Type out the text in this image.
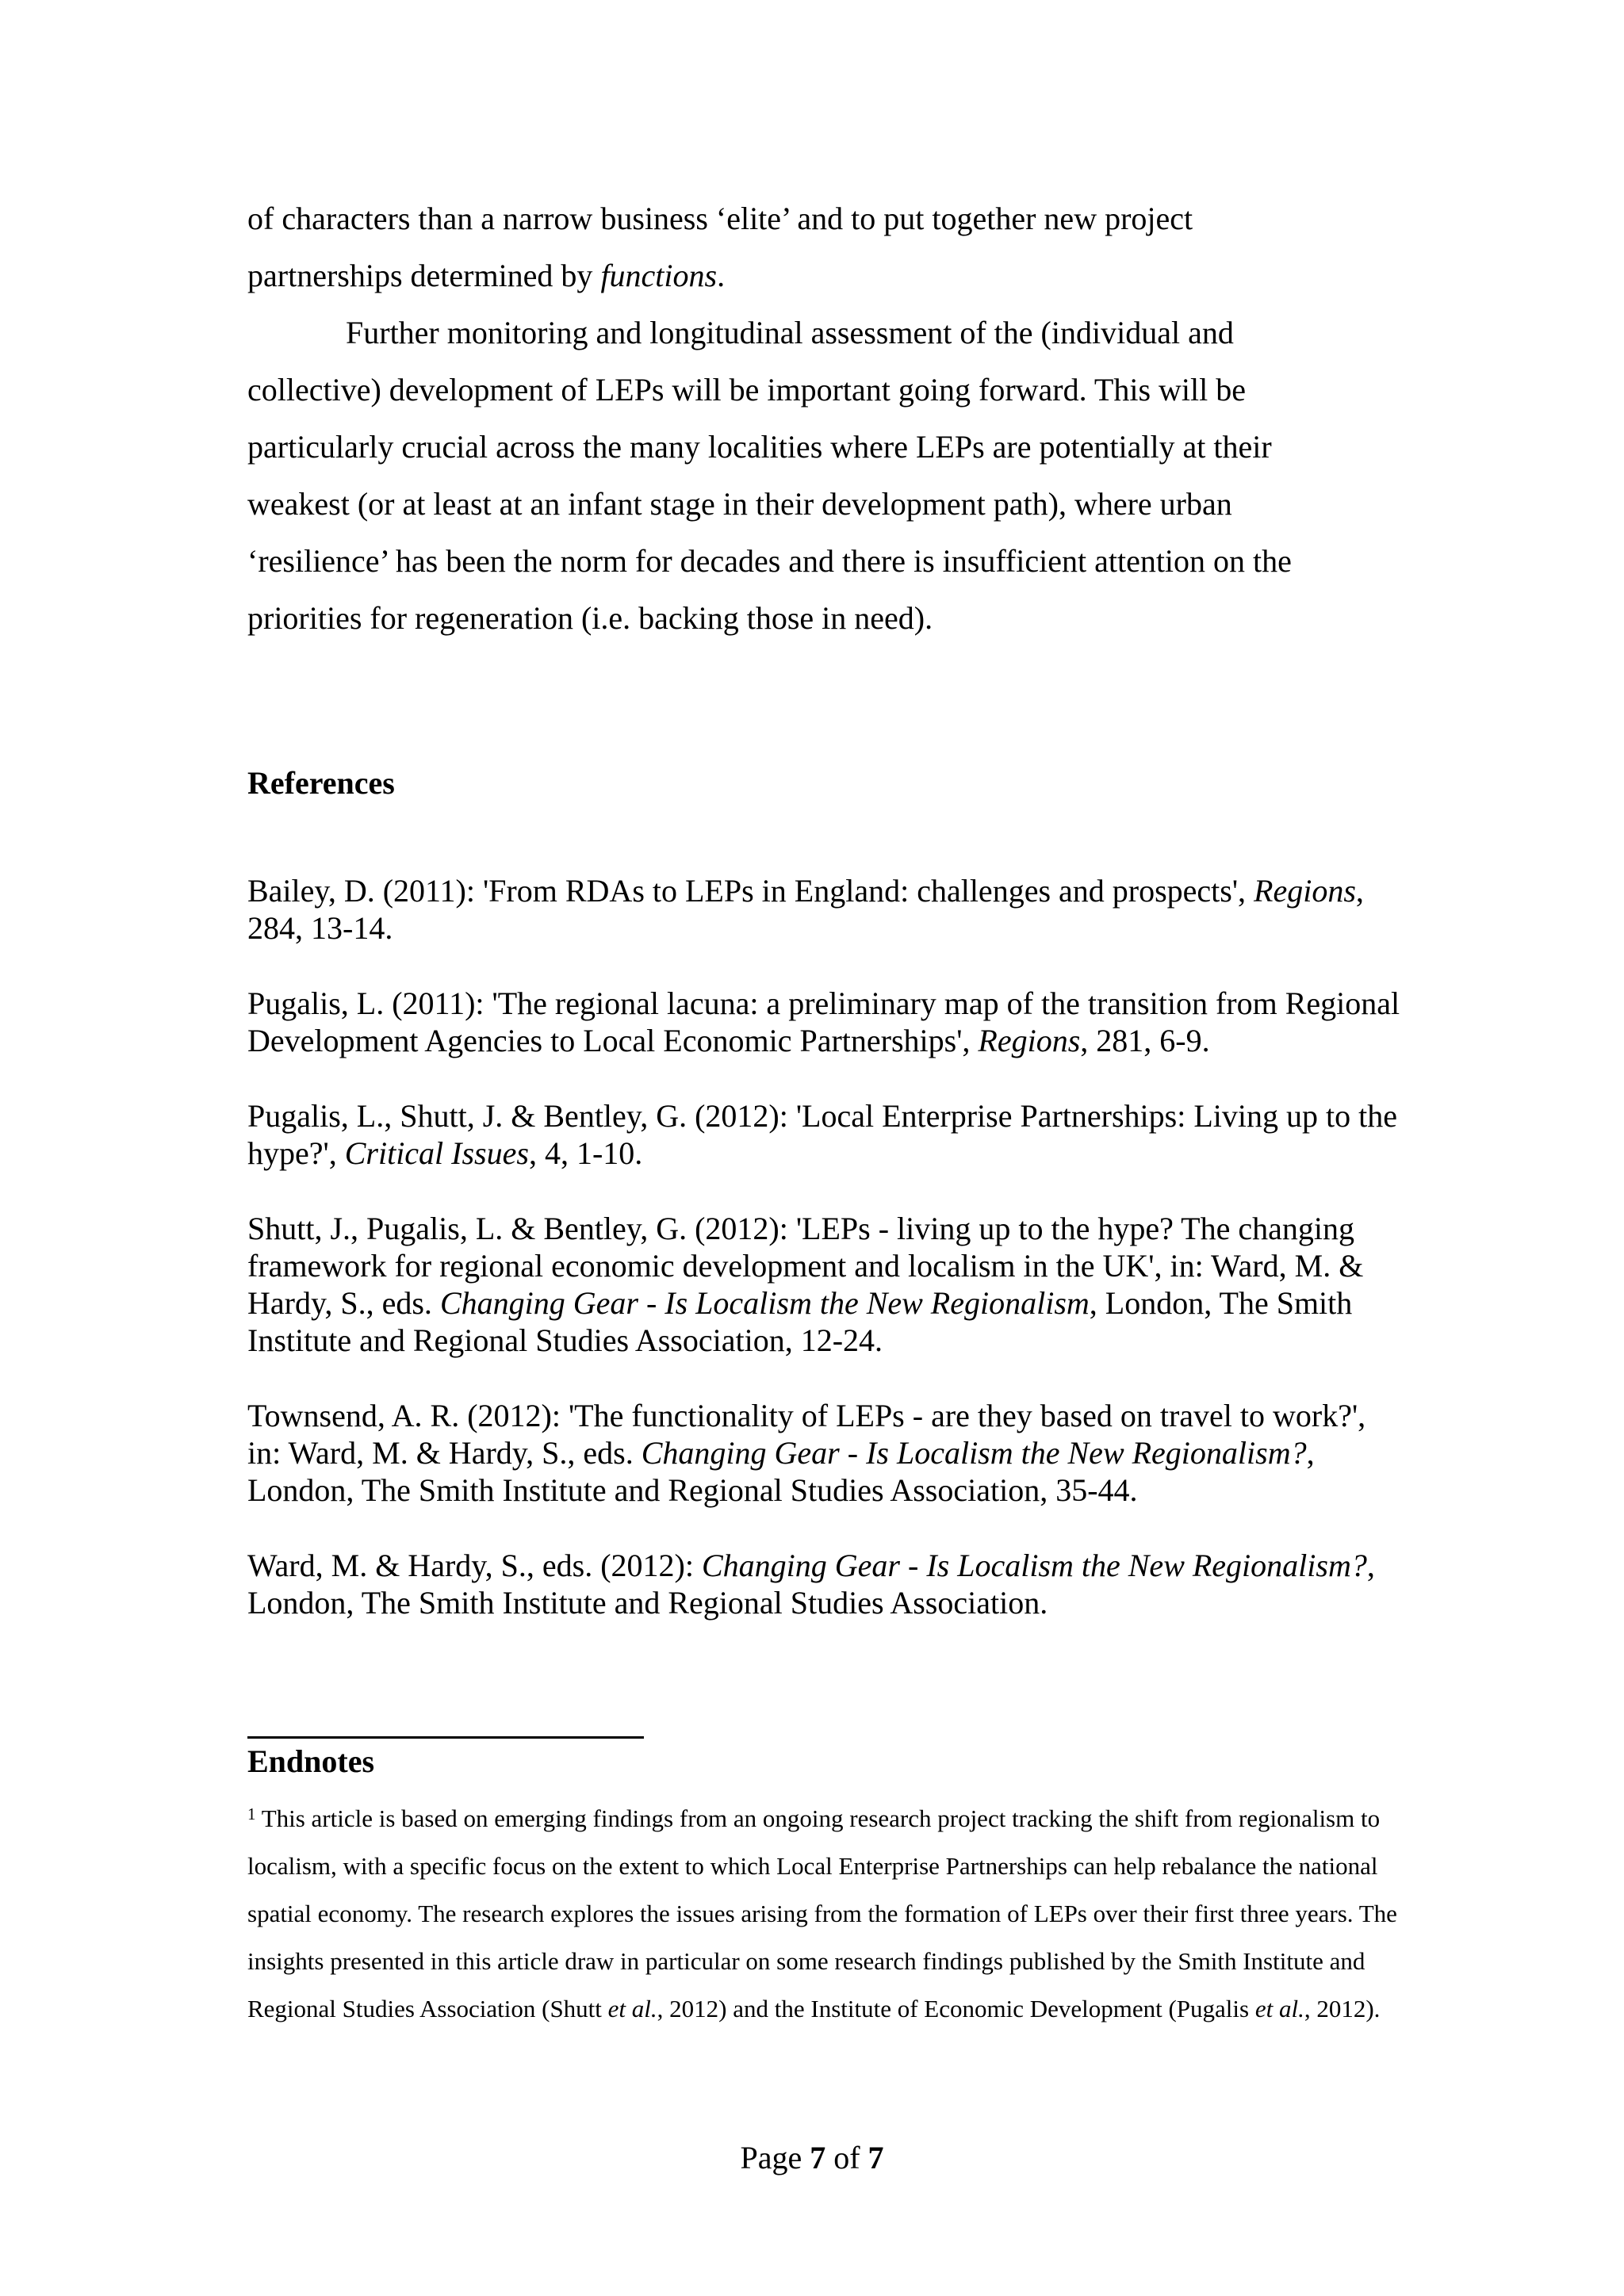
of characters than a narrow business ‘elite’ and to put together new project

partnerships determined by functions.

Further monitoring and longitudinal assessment of the (individual and

collective) development of LEPs will be important going forward. This will be

particularly crucial across the many localities where LEPs are potentially at their

weakest (or at least at an infant stage in their development path), where urban

‘resilience’ has been the norm for decades and there is insufficient attention on the

priorities for regeneration (i.e. backing those in need).

References

Bailey, D. (2011): 'From RDAs to LEPs in England: challenges and prospects', Regions, 284, 13-14.

Pugalis, L. (2011): 'The regional lacuna: a preliminary map of the transition from Regional Development Agencies to Local Economic Partnerships', Regions, 281, 6-9.

Pugalis, L., Shutt, J. & Bentley, G. (2012): 'Local Enterprise Partnerships: Living up to the hype?', Critical Issues, 4, 1-10.

Shutt, J., Pugalis, L. & Bentley, G. (2012): 'LEPs - living up to the hype? The changing framework for regional economic development and localism in the UK', in: Ward, M. & Hardy, S., eds. Changing Gear - Is Localism the New Regionalism, London, The Smith Institute and Regional Studies Association, 12-24.

Townsend, A. R. (2012): 'The functionality of LEPs - are they based on travel to work?', in: Ward, M. & Hardy, S., eds. Changing Gear - Is Localism the New Regionalism?, London, The Smith Institute and Regional Studies Association, 35-44.

Ward, M. & Hardy, S., eds. (2012): Changing Gear - Is Localism the New Regionalism?, London, The Smith Institute and Regional Studies Association.

Endnotes

$^1$ This article is based on emerging findings from an ongoing research project tracking the shift from regionalism to localism, with a specific focus on the extent to which Local Enterprise Partnerships can help rebalance the national spatial economy. The research explores the issues arising from the formation of LEPs over their first three years. The insights presented in this article draw in particular on some research findings published by the Smith Institute and Regional Studies Association (Shutt et al., 2012) and the Institute of Economic Development (Pugalis et al., 2012).

Page 7 of 7
